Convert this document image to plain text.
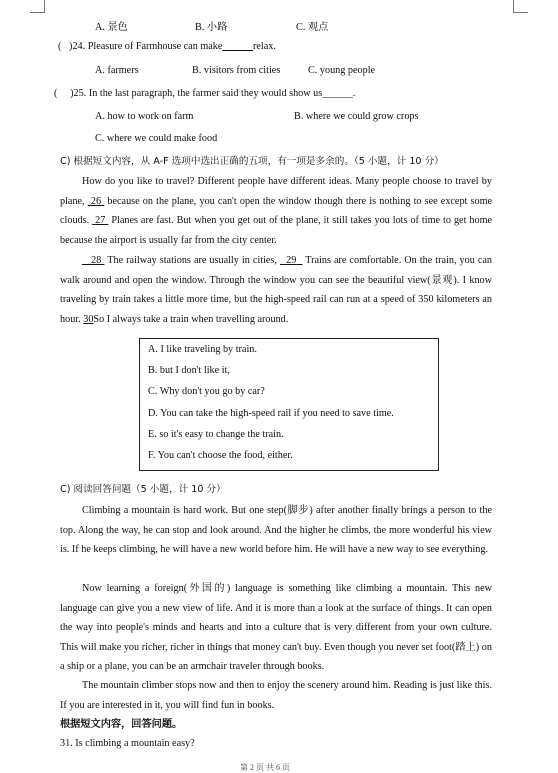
A. 景色	B. 小路	C. 观点
( )24. Pleasure of Farmhouse can make______relax.
A. farmers	B. visitors from cities	C. young people
( )25. In the last paragraph, the farmer said they would show us______.
A. how to work on farm	B. where we could grow crops
C. where we could make food
C) 根据短文内容，从 A-F 选项中选出正确的五项，有一项是多余的。（5 小题，计 10 分）

How do you like to travel? Different people have different ideas. Many people choose to travel by plane, 26 because on the plane, you can't open the window though there is nothing to see except some clouds. 27 Planes are fast. But when you get out of the plane, it still takes you lots of time to get home because the airport is usually far from the city center.

28 The railway stations are usually in cities, 29 Trains are comfortable. On the train, you can walk around and open the window. Through the window you can see the beautiful view(景观). I know traveling by train takes a little more time, but the high-speed rail can run at a speed of 350 kilometers an hour. 30So I always take a train when travelling around.

A. I like traveling by train.
B. but I don't like it,
C. Why don't you go by car?
D. You can take the high-speed rail if you need to save time.
E. so it's easy to change the train.
F. You can't choose the food, either.
C) 阅读回答问题（5 小题，计 10 分）

Climbing a mountain is hard work. But one step(脚步) after another finally brings a person to the top. Along the way, he can stop and look around. And the higher he climbs, the more wonderful his view is. If he keeps climbing, he will have a new world before him. He will have a new way to see everything.

Now learning a foreign(外国的) language is something like climbing a mountain. This new language can give you a new view of life. And it is more than a look at the surface of things. It can open the way into people's minds and hearts and into a culture that is very different from your own culture. This will make you richer, richer in things that money can't buy. Even though you never set foot(踏上) on a ship or a plane, you can be an armchair traveler through books.

The mountain climber stops now and then to enjoy the scenery around him. Reading is just like this. If you are interested in it, you will find fun in books.

根据短文内容，回答问题。
31. Is climbing a mountain easy?
第 2 页 共 6 页
